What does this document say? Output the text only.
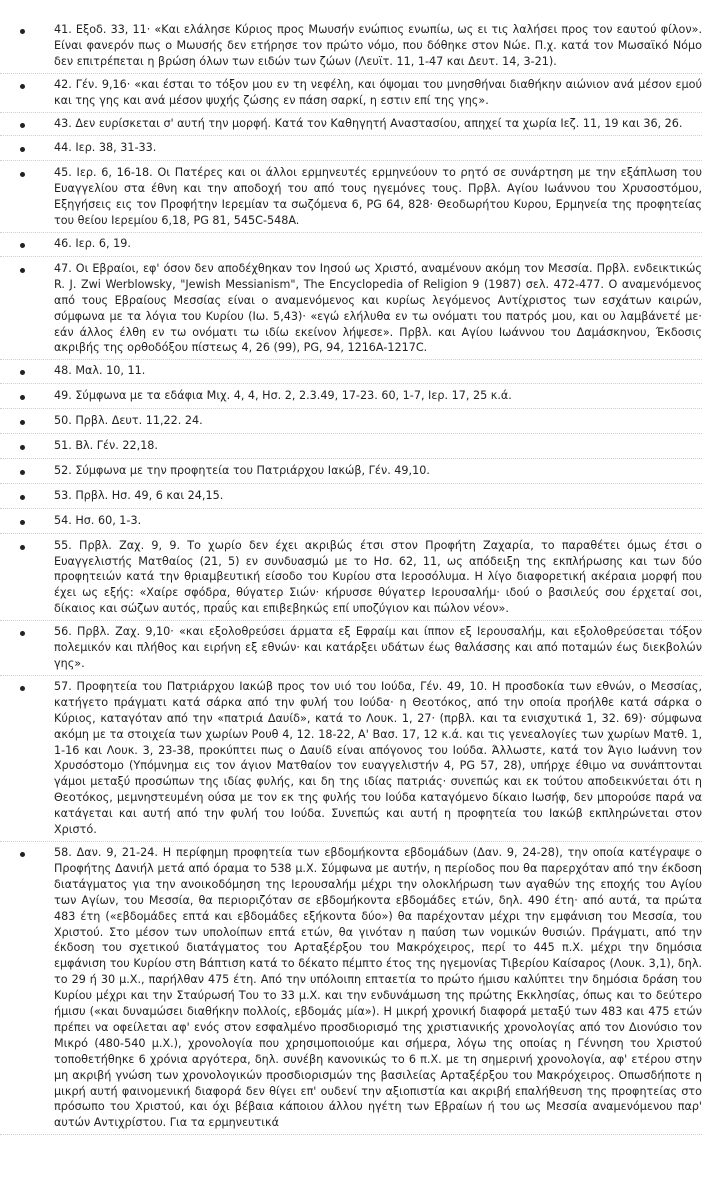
41. Εξοδ. 33, 11· «Και ελάλησε Κύριος προς Μωυσήν ενώπιος ενωπίω, ως ει τις λαλήσει προς τον εαυτού φίλον». Είναι φανερόν πως ο Μωυσής δεν ετήρησε τον πρώτο νόμο, που δόθηκε στον Νώε. Π.χ. κατά τον Μωσαϊκό Νόμο δεν επιτρέπεται η βρώση όλων των ειδών των ζώων (Λευϊτ. 11, 1-47 και Δευτ. 14, 3-21).
42. Γέν. 9,16· «και έσται το τόξον μου εν τη νεφέλη, και όψομαι του μνησθήναι διαθήκην αιώνιον ανά μέσον εμού και της γης και ανά μέσον ψυχής ζώσης εν πάση σαρκί, η εστιν επί της γης».
43. Δεν ευρίσκεται σ' αυτή την μορφή. Κατά τον Καθηγητή Αναστασίου, απηχεί τα χωρία Ιεζ. 11, 19 και 36, 26.
44. Ιερ. 38, 31-33.
45. Ιερ. 6, 16-18. Οι Πατέρες και οι άλλοι ερμηνευτές ερμηνεύουν το ρητό σε συνάρτηση με την εξάπλωση του Ευαγγελίου στα έθνη και την αποδοχή του από τους ηγεμόνες τους. Πρβλ. Αγίου Ιωάννου του Χρυσοστόμου, Εξηγήσεις εις τον Προφήτην Ιερεμίαν τα σωζόμενα 6, PG 64, 828· Θεοδωρήτου Κυρου, Ερμηνεία της προφητείας του θείου Ιερεμίου 6,18, PG 81, 545C-548A.
46. Ιερ. 6, 19.
47. Οι Εβραίοι, εφ' όσον δεν αποδέχθηκαν τον Ιησού ως Χριστό, αναμένουν ακόμη τον Μεσσία. Πρβλ. ενδεικτικώς R. J. Zwi Werblowsky, "Jewish Messianism", The Encyclopedia of Religion 9 (1987) σελ. 472-477. Ο αναμενόμενος από τους Εβραίους Μεσσίας είναι ο αναμενόμενος και κυρίως λεγόμενος Αντίχριστος των εσχάτων καιρών, σύμφωνα με τα λόγια του Κυρίου (Ιω. 5,43)· «εγώ ελήλυθα εν τω ονόματι του πατρός μου, και ου λαμβάνετέ με· εάν άλλος έλθη εν τω ονόματι τω ιδίω εκείνον λήψεσε». Πρβλ. και Αγίου Ιωάννου του Δαμάσκηνου, Έκδοσις ακριβής της ορθοδόξου πίστεως 4, 26 (99), PG, 94, 1216A-1217C.
48. Μαλ. 10, 11.
49. Σύμφωνα με τα εδάφια Μιχ. 4, 4, Ησ. 2, 2.3.49, 17-23. 60, 1-7, Ιερ. 17, 25 κ.ά.
50. Πρβλ. Δευτ. 11,22. 24.
51. Βλ. Γέν. 22,18.
52. Σύμφωνα με την προφητεία του Πατριάρχου Ιακώβ, Γέν. 49,10.
53. Πρβλ. Ησ. 49, 6 και 24,15.
54. Ησ. 60, 1-3.
55. Πρβλ. Ζαχ. 9, 9. Το χωρίο δεν έχει ακριβώς έτσι στον Προφήτη Ζαχαρία, το παραθέτει όμως έτσι ο Ευαγγελιστής Ματθαίος (21, 5) εν συνδυασμώ με το Ησ. 62, 11, ως απόδειξη της εκπλήρωσης και των δύο προφητειών κατά την θριαμβευτική είσοδο του Κυρίου στα Ιεροσόλυμα. Η λίγο διαφορετική ακέραια μορφή που έχει ως εξής: «Χαίρε σφόδρα, θύγατερ Σιών· κήρυσσε θύγατερ Ιερουσαλήμ· ιδού ο βασιλεύς σου έρχεταί σοι, δίκαιος και σώζων αυτός, πραΰς και επιβεβηκώς επί υποζύγιον και πώλον νέον».
56. Πρβλ. Ζαχ. 9,10· «και εξολοθρεύσει άρματα εξ Εφραίμ και ίππον εξ Ιερουσαλήμ, και εξολοθρεύσεται τόξον πολεμικόν και πλήθος και ειρήνη εξ εθνών· και κατάρξει υδάτων έως θαλάσσης και από ποταμών έως διεκβολών γης».
57. Προφητεία του Πατριάρχου Ιακώβ προς τον υιό του Ιούδα, Γέν. 49, 10. Η προσδοκία των εθνών, ο Μεσσίας, κατήγετο πράγματι κατά σάρκα από την φυλή του Ιούδα· η Θεοτόκος, από την οποία προήλθε κατά σάρκα ο Κύριος, καταγόταν από την «πατριά Δαυίδ», κατά το Λουκ. 1, 27· (πρβλ. και τα ενισχυτικά 1, 32. 69)· σύμφωνα ακόμη με τα στοιχεία των χωρίων Ρουθ 4, 12. 18-22, Α' Βασ. 17, 12 κ.ά. και τις γενεαλογίες των χωρίων Ματθ. 1, 1-16 και Λουκ. 3, 23-38, προκύπτει πως ο Δαυίδ είναι απόγονος του Ιούδα. Άλλωστε, κατά τον Άγιο Ιωάννη τον Χρυσόστομο (Υπόμνημα εις τον άγιον Ματθαίον τον ευαγγελιστήν 4, PG 57, 28), υπήρχε έθιμο να συνάπτονται γάμοι μεταξύ προσώπων της ιδίας φυλής, και δη της ιδίας πατριάς· συνεπώς και εκ τούτου αποδεικνύεται ότι η Θεοτόκος, μεμνηστευμένη ούσα με τον εκ της φυλής του Ιούδα καταγόμενο δίκαιο Ιωσήφ, δεν μπορούσε παρά να κατάγεται και αυτή από την φυλή του Ιούδα. Συνεπώς και αυτή η προφητεία του Ιακώβ εκπληρώνεται στον Χριστό.
58. Δαν. 9, 21-24. Η περίφημη προφητεία των εβδομήκοντα εβδομάδων (Δαν. 9, 24-28), την οποία κατέγραψε ο Προφήτης Δανιήλ μετά από όραμα το 538 μ.Χ. Σύμφωνα με αυτήν, η περίοδος που θα παρερχόταν από την έκδοση διατάγματος για την ανοικοδόμηση της Ιερουσαλήμ μέχρι την ολοκλήρωση των αγαθών της εποχής του Αγίου των Αγίων, του Μεσσία, θα περιοριζόταν σε εβδομήκοντα εβδομάδες ετών, δηλ. 490 έτη· από αυτά, τα πρώτα 483 έτη («εβδομάδες επτά και εβδομάδες εξήκοντα δύο») θα παρέχονταν μέχρι την εμφάνιση του Μεσσία, του Χριστού. Στο μέσον των υπολοίπων επτά ετών, θα γινόταν η παύση των νομικών θυσιών. Πράγματι, από την έκδοση του σχετικού διατάγματος του Αρταξέρξου του Μακρόχειρος, περί το 445 π.Χ. μέχρι την δημόσια εμφάνιση του Κυρίου στη Βάπτιση κατά το δέκατο πέμπτο έτος της ηγεμονίας Τιβερίου Καίσαρος (Λουκ. 3,1), δηλ. το 29 ή 30 μ.Χ., παρήλθαν 475 έτη. Από την υπόλοιπη επταετία το πρώτο ήμισυ καλύπτει την δημόσια δράση του Κυρίου μέχρι και την Σταύρωσή Του το 33 μ.Χ. και την ενδυνάμωση της πρώτης Εκκλησίας, όπως και το δεύτερο ήμισυ («και δυναμώσει διαθήκην πολλοίς, εβδομάς μία»). Η μικρή χρονική διαφορά μεταξύ των 483 και 475 ετών πρέπει να οφείλεται αφ' ενός στον εσφαλμένο προσδιορισμό της χριστιανικής χρονολογίας από τον Διονύσιο τον Μικρό (480-540 μ.Χ.), χρονολογία που χρησιμοποιούμε και σήμερα, λόγω της οποίας η Γέννηση του Χριστού τοποθετήθηκε 6 χρόνια αργότερα, δηλ. συνέβη κανονικώς το 6 π.Χ. με τη σημερινή χρονολογία, αφ' ετέρου στην μη ακριβή γνώση των χρονολογικών προσδιορισμών της βασιλείας Αρταξέρξου του Μακρόχειρος. Οπωσδήποτε η μικρή αυτή φαινομενική διαφορά δεν θίγει επ' ουδενί την αξιοπιστία και ακριβή επαλήθευση της προφητείας στο πρόσωπο του Χριστού, και όχι βέβαια κάποιου άλλου ηγέτη των Εβραίων ή του ως Μεσσία αναμενόμενου παρ' αυτών Αντιχρίστου. Για τα ερμηνευτικά
